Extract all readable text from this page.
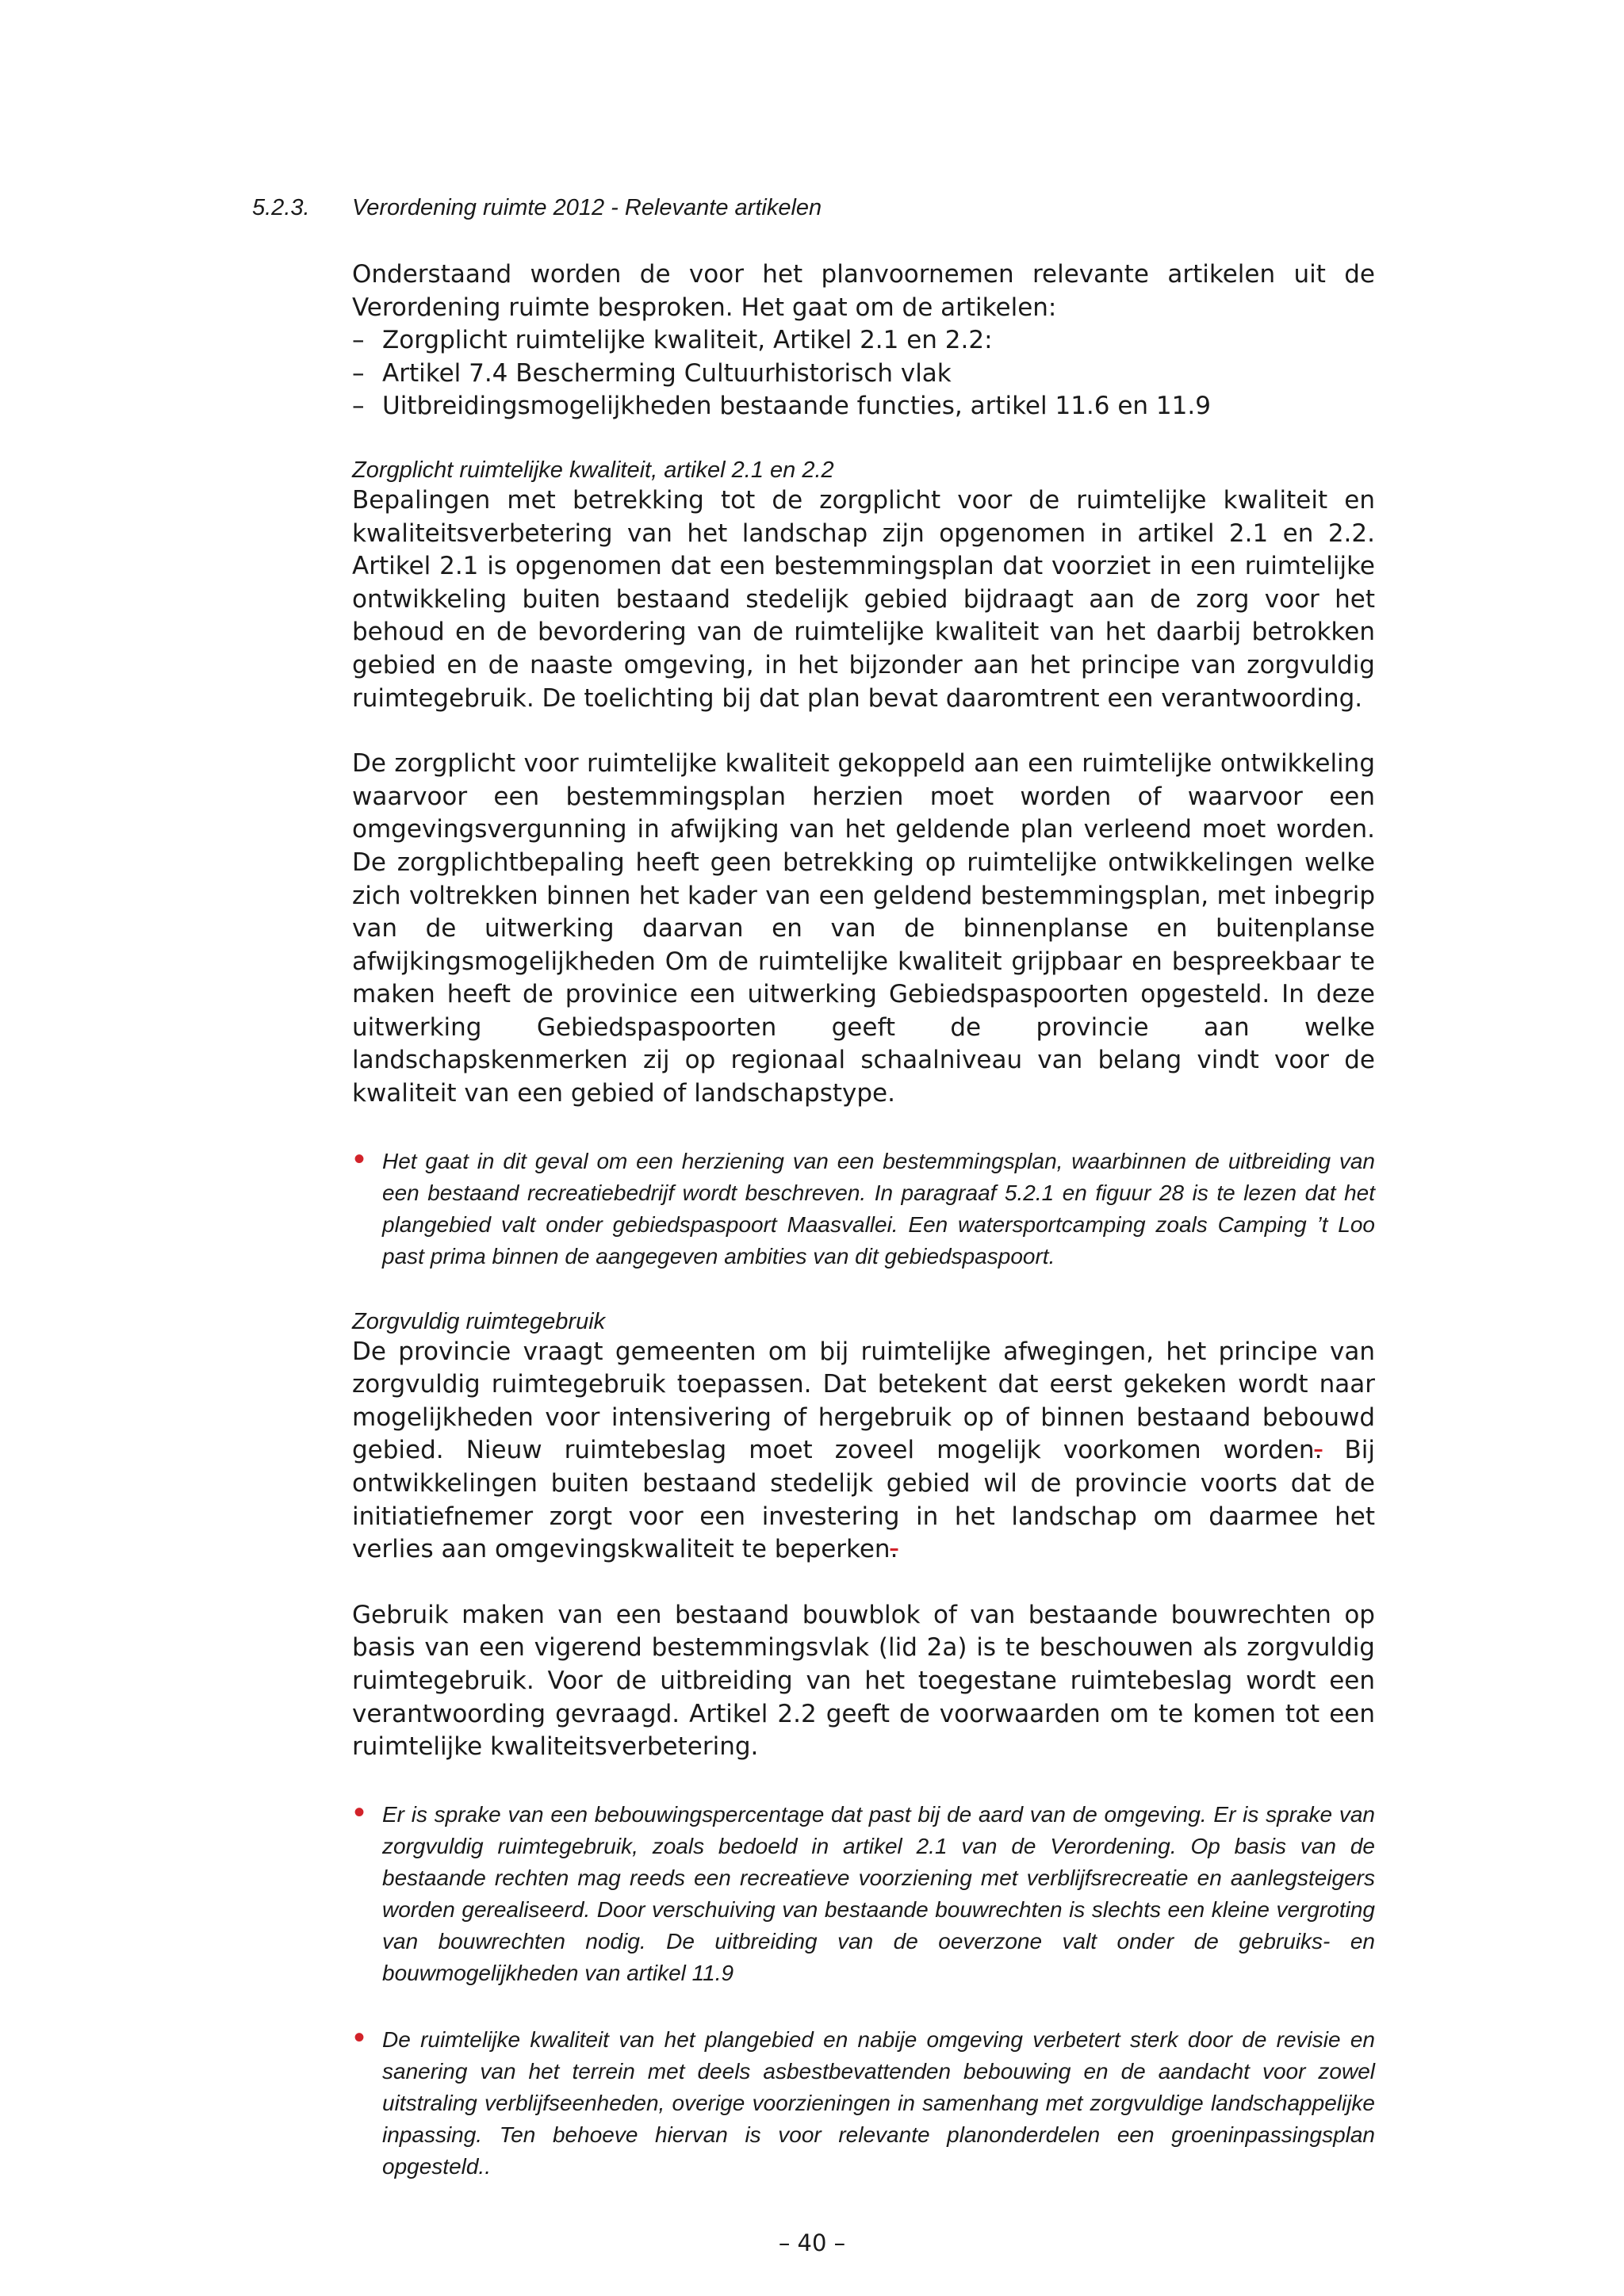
5.2.3. Verordening ruimte 2012 - Relevante artikelen

Onderstaand worden de voor het planvoornemen relevante artikelen uit de Verordening ruimte besproken. Het gaat om de artikelen:

– Zorgplicht ruimtelijke kwaliteit, Artikel 2.1 en 2.2:
– Artikel 7.4 Bescherming Cultuurhistorisch vlak
– Uitbreidingsmogelijkheden bestaande functies, artikel 11.6 en 11.9
Zorgplicht ruimtelijke kwaliteit, artikel 2.1 en 2.2

Bepalingen met betrekking tot de zorgplicht voor de ruimtelijke kwaliteit en kwaliteitsverbetering van het landschap zijn opgenomen in artikel 2.1 en 2.2. Artikel 2.1 is opgenomen dat een bestemmingsplan dat voorziet in een ruimtelijke ontwikkeling buiten bestaand stedelijk gebied bijdraagt aan de zorg voor het behoud en de bevordering van de ruimtelijke kwaliteit van het daarbij betrokken gebied en de naaste omgeving, in het bijzonder aan het principe van zorgvuldig ruimtegebruik. De toelichting bij dat plan bevat daaromtrent een verantwoording.

De zorgplicht voor ruimtelijke kwaliteit gekoppeld aan een ruimtelijke ontwikkeling waarvoor een bestemmingsplan herzien moet worden of waarvoor een omgevingsvergunning in afwijking van het geldende plan verleend moet worden. De zorgplichtbepaling heeft geen betrekking op ruimtelijke ontwikkelingen welke zich voltrekken binnen het kader van een geldend bestemmingsplan, met inbegrip van de uitwerking daarvan en van de binnenplanse en buitenplanse afwijkingsmogelijkheden Om de ruimtelijke kwaliteit grijpbaar en bespreekbaar te maken heeft de provinice een uitwerking Gebiedspaspoorten opgesteld. In deze uitwerking Gebiedspaspoorten geeft de provincie aan welke landschapskenmerken zij op regionaal schaalniveau van belang vindt voor de kwaliteit van een gebied of landschapstype.

• Het gaat in dit geval om een herziening van een bestemmingsplan, waarbinnen de uitbreiding van een bestaand recreatiebedrijf wordt beschreven. In paragraaf 5.2.1 en figuur 28 is te lezen dat het plangebied valt onder gebiedspaspoort Maasvallei. Een watersportcamping zoals Camping ’t Loo past prima binnen de aangegeven ambities van dit gebiedspaspoort.
Zorgvuldig ruimtegebruik

De provincie vraagt gemeenten om bij ruimtelijke afwegingen, het principe van zorgvuldig ruimtegebruik toepassen. Dat betekent dat eerst gekeken wordt naar mogelijkheden voor intensivering of hergebruik op of binnen bestaand bebouwd gebied. Nieuw ruimtebeslag moet zoveel mogelijk voorkomen worden. Bij ontwikkelingen buiten bestaand stedelijk gebied wil de provincie voorts dat de initiatiefnemer zorgt voor een investering in het landschap om daarmee het verlies aan omgevingskwaliteit te beperken.

Gebruik maken van een bestaand bouwblok of van bestaande bouwrechten op basis van een vigerend bestemmingsvlak (lid 2a) is te beschouwen als zorgvuldig ruimtegebruik. Voor de uitbreiding van het toegestane ruimtebeslag wordt een verantwoording gevraagd. Artikel 2.2 geeft de voorwaarden om te komen tot een ruimtelijke kwaliteitsverbetering.

• Er is sprake van een bebouwingspercentage dat past bij de aard van de omgeving. Er is sprake van zorgvuldig ruimtegebruik, zoals bedoeld in artikel 2.1 van de Verordening. Op basis van de bestaande rechten mag reeds een recreatieve voorziening met verblijfsrecreatie en aanlegsteigers worden gerealiseerd. Door verschuiving van bestaande bouwrechten is slechts een kleine vergroting van bouwrechten nodig. De uitbreiding van de oeverzone valt onder de gebruiks- en bouwmogelijkheden van artikel 11.9
• De ruimtelijke kwaliteit van het plangebied en nabije omgeving verbetert sterk door de revisie en sanering van het terrein met deels asbestbevattenden bebouwing en de aandacht voor zowel uitstraling verblijfseenheden, overige voorzieningen in samenhang met zorgvuldige landschappelijke inpassing. Ten behoeve hiervan is voor relevante planonderdelen een groeninpassingsplan opgesteld..
– 40 –
